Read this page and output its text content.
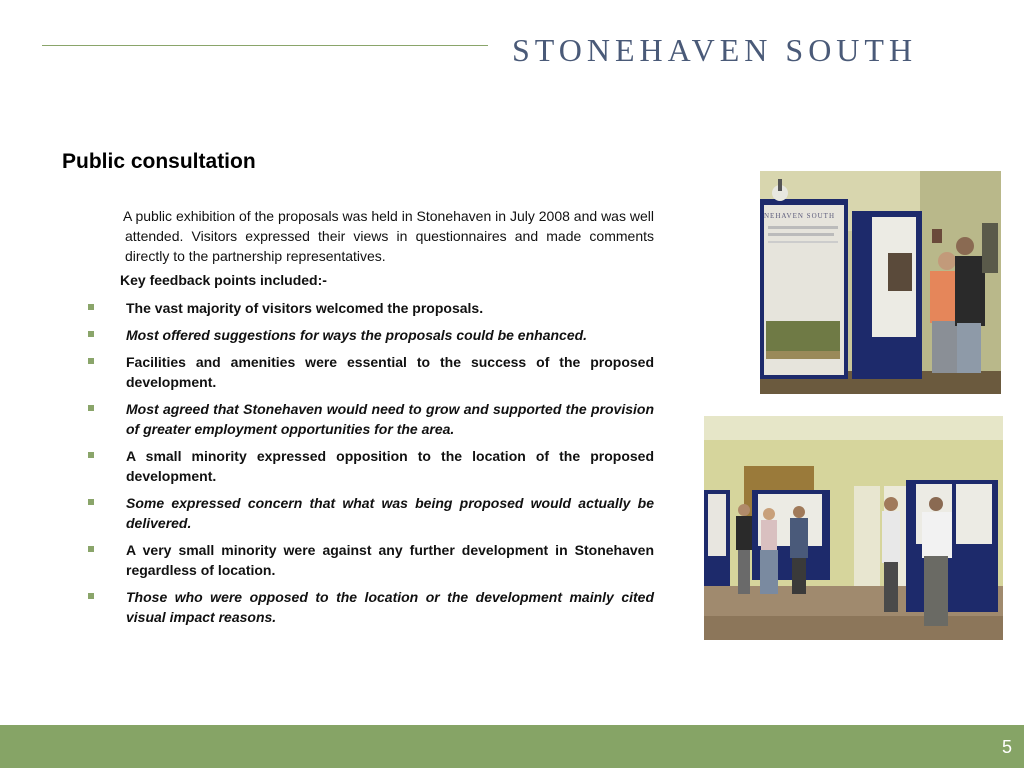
STONEHAVEN SOUTH
Public consultation
A public exhibition of the proposals was held in Stonehaven in July 2008 and was well attended. Visitors expressed their views in questionnaires and made comments directly to the partnership representatives.
Key feedback points included:-
The vast majority of visitors welcomed the proposals.
Most offered suggestions for ways the proposals could be enhanced.
Facilities and amenities were essential to the success of the proposed development.
Most agreed that Stonehaven would need to grow and supported the provision of greater employment opportunities for the area.
A small minority expressed opposition to the location of the proposed development.
Some expressed concern that what was being proposed would actually be delivered.
A very small minority were against any further development in Stonehaven regardless of location.
Those who were opposed to the location or the development mainly cited visual impact reasons.
NEHAVEN SOUTH
5
